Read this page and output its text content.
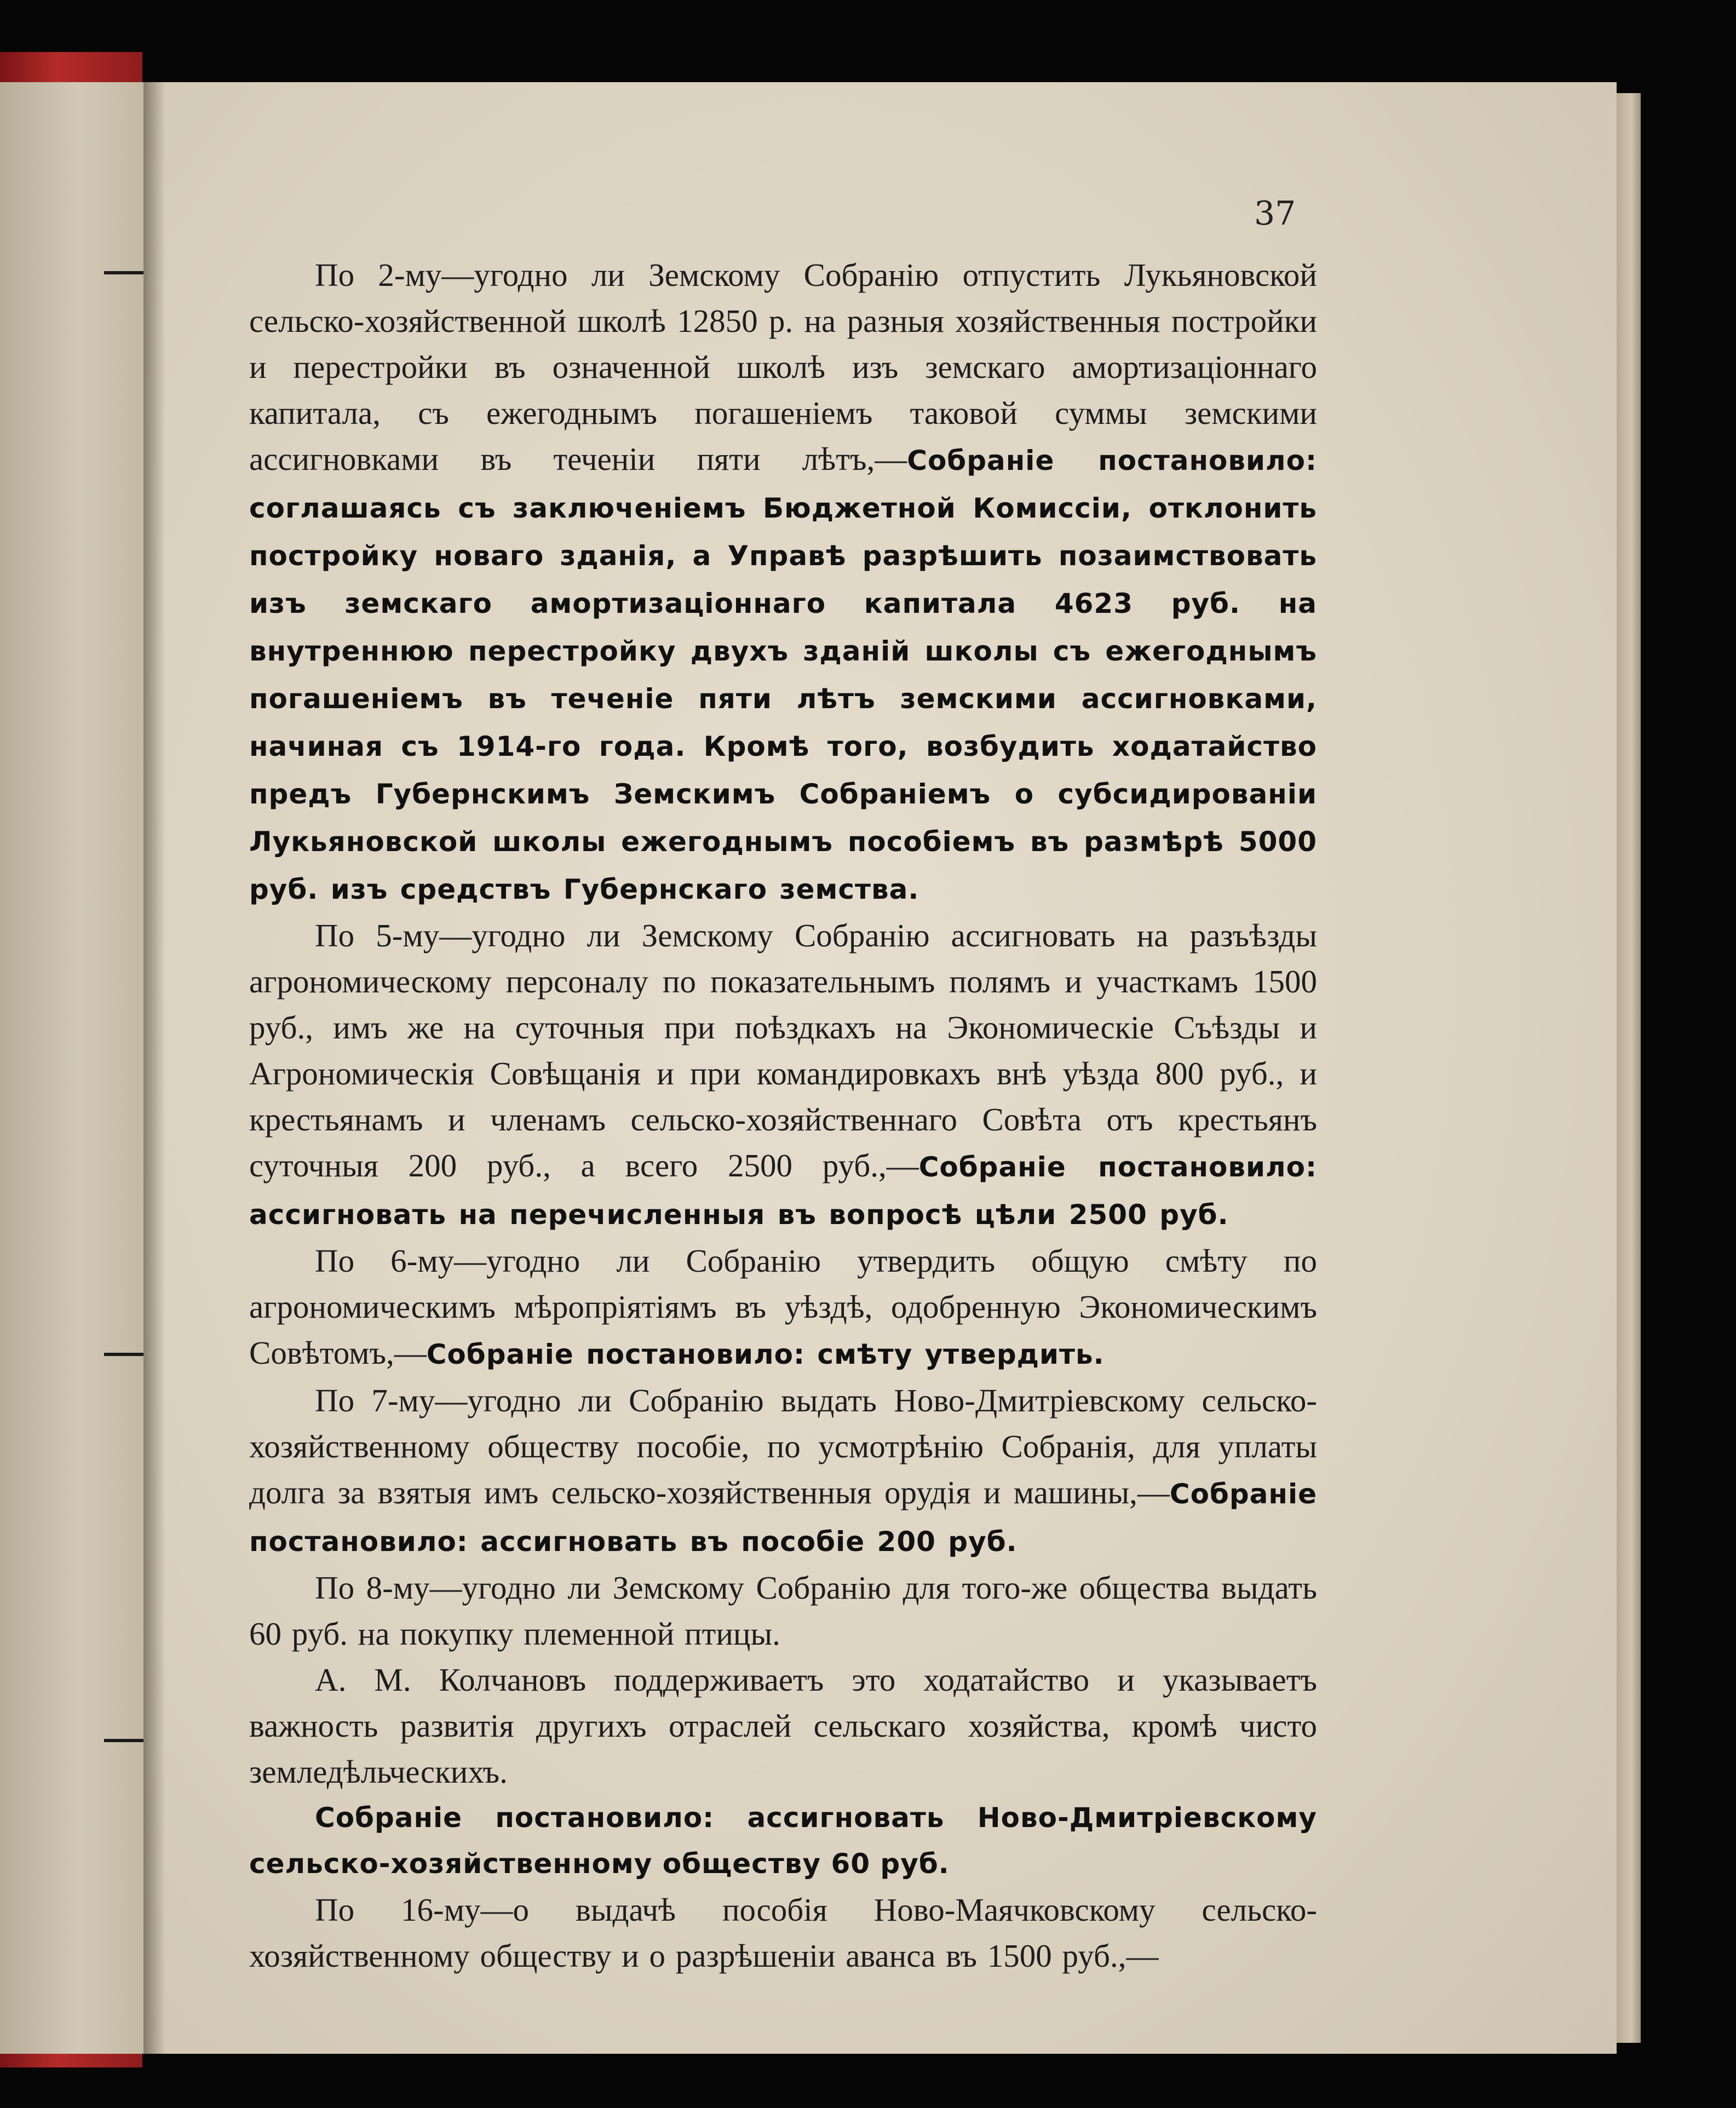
37

По 2-му—угодно ли Земскому Собранію отпустить Лукьяновской сельско-хозяйственной школѣ 12850 р. на разныя хозяйственныя постройки и перестройки въ означенной школѣ изъ земскаго амортизаціоннаго капитала, съ ежегоднымъ погашеніемъ таковой суммы земскими ассигновками въ теченіи пяти лѣтъ,—Собраніе постановило: соглашаясь съ заключеніемъ Бюджетной Комиссіи, отклонить постройку новаго зданія, а Управѣ разрѣшить позаимствовать изъ земскаго амортизаціоннаго капитала 4623 руб. на внутреннюю перестройку двухъ зданій школы съ ежегоднымъ погашеніемъ въ теченіе пяти лѣтъ земскими ассигновками, начиная съ 1914-го года. Кромѣ того, возбудить ходатайство предъ Губернскимъ Земскимъ Собраніемъ о субсидированіи Лукьяновской школы ежегоднымъ пособіемъ въ размѣрѣ 5000 руб. изъ средствъ Губернскаго земства.

По 5-му—угодно ли Земскому Собранію ассигновать на разъѣзды агрономическому персоналу по показательнымъ полямъ и участкамъ 1500 руб., имъ же на суточныя при поѣздкахъ на Экономическіе Съѣзды и Агрономическія Совѣщанія и при командировкахъ внѣ уѣзда 800 руб., и крестьянамъ и членамъ сельско-хозяйственнаго Совѣта отъ крестьянъ суточныя 200 руб., а всего 2500 руб.,—Собраніе постановило: ассигновать на перечисленныя въ вопросѣ цѣли 2500 руб.

По 6-му—угодно ли Собранію утвердить общую смѣту по агрономическимъ мѣропріятіямъ въ уѣздѣ, одобренную Экономическимъ Совѣтомъ,—Собраніе постановило: смѣту утвердить.

По 7-му—угодно ли Собранію выдать Ново-Дмитріевскому сельско-хозяйственному обществу пособіе, по усмотрѣнію Собранія, для уплаты долга за взятыя имъ сельско-хозяйственныя орудія и машины,—Собраніе постановило: ассигновать въ пособіе 200 руб.

По 8-му—угодно ли Земскому Собранію для того-же общества выдать 60 руб. на покупку племенной птицы.

А. М. Колчановъ поддерживаетъ это ходатайство и указываетъ важность развитія другихъ отраслей сельскаго хозяйства, кромѣ чисто земледѣльческихъ.

Собраніе постановило: ассигновать Ново-Дмитріевскому сельско-хозяйственному обществу 60 руб.

По 16-му—о выдачѣ пособія Ново-Маячковскому сельско-хозяйственному обществу и о разрѣшеніи аванса въ 1500 руб.,—
